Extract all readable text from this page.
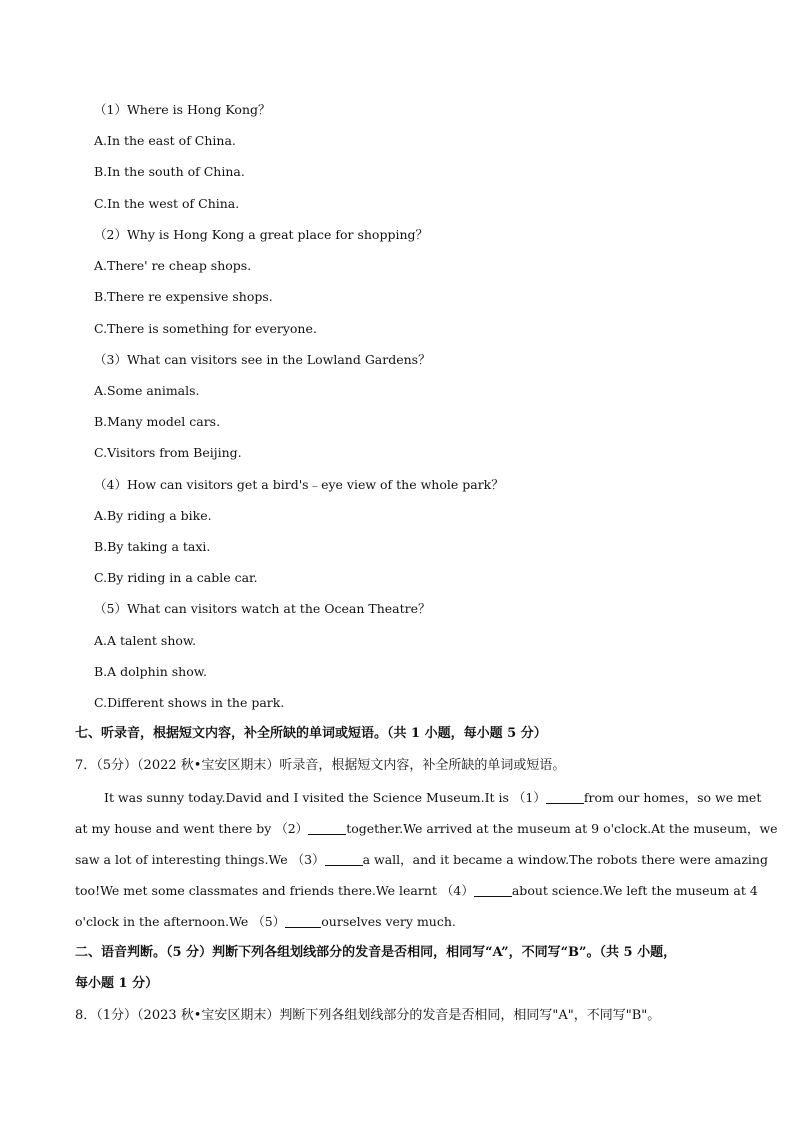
（1）Where is Hong Kong？
A.In the east of China.
B.In the south of China.
C.In the west of China.
（2）Why is Hong Kong a great place for shopping？
A.There' re cheap shops.
B.There re expensive shops.
C.There is something for everyone.
（3）What can visitors see in the Lowland Gardens？
A.Some animals.
B.Many model cars.
C.Visitors from Beijing.
（4）How can visitors get a bird's﹣eye view of the whole park？
A.By riding a bike.
B.By taking a taxi.
C.By riding in a cable car.
（5）What can visitors watch at the Ocean Theatre？
A.A talent show.
B.A dolphin show.
C.Different shows in the park.
七、听录音，根据短文内容，补全所缺的单词或短语。（共 1 小题，每小题 5 分）
7．（5分）（2022 秋•宝安区期末）听录音，根据短文内容，补全所缺的单词或短语。
It was sunny today.David and I visited the Science Museum.It is （1）	from our homes，so we met
at my house and went there by （2）	together.We arrived at the museum at 9 o'clock.At the museum，we
saw a lot of interesting things.We （3）	a wall，and it became a window.The robots there were amazing
too!We met some classmates and friends there.We learnt （4）	about science.We left the museum at 4
o'clock in the afternoon.We （5）	ourselves very much.
二、语音判断。（5 分）判断下列各组划线部分的发音是否相同，相同写“A”，不同写“B”。（共 5 小题，
每小题 1 分）
8．（1分）（2023 秋•宝安区期末）判断下列各组划线部分的发音是否相同，相同写"A"，不同写"B"。
